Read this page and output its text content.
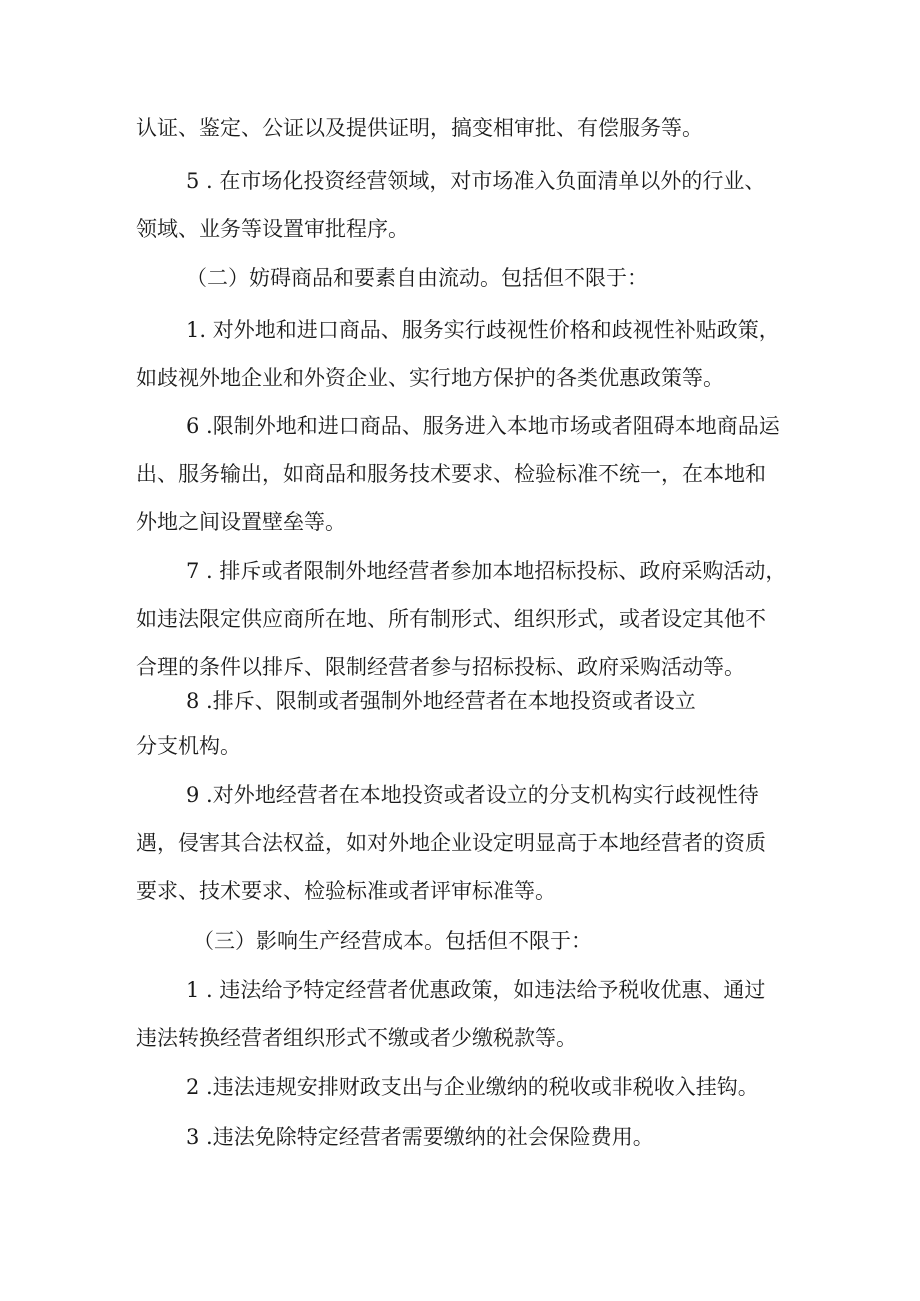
认证、鉴定、公证以及提供证明，搞变相审批、有偿服务等。
5 . 在市场化投资经营领域，对市场准入负面清单以外的行业、
领域、业务等设置审批程序。
（二）妨碍商品和要素自由流动。包括但不限于：
1. 对外地和进口商品、服务实行歧视性价格和歧视性补贴政策，
如歧视外地企业和外资企业、实行地方保护的各类优惠政策等。
6 .限制外地和进口商品、服务进入本地市场或者阻碍本地商品运
出、服务输出，如商品和服务技术要求、检验标准不统一，在本地和
外地之间设置壁垒等。
7 . 排斥或者限制外地经营者参加本地招标投标、政府采购活动，
如违法限定供应商所在地、所有制形式、组织形式，或者设定其他不
合理的条件以排斥、限制经营者参与招标投标、政府采购活动等。
8 .排斥、限制或者强制外地经营者在本地投资或者设立
分支机构。
9 .对外地经营者在本地投资或者设立的分支机构实行歧视性待
遇，侵害其合法权益，如对外地企业设定明显高于本地经营者的资质
要求、技术要求、检验标准或者评审标准等。
（三）影响生产经营成本。包括但不限于：
1 . 违法给予特定经营者优惠政策，如违法给予税收优惠、通过
违法转换经营者组织形式不缴或者少缴税款等。
2 .违法违规安排财政支出与企业缴纳的税收或非税收入挂钩。
3 .违法免除特定经营者需要缴纳的社会保险费用。
